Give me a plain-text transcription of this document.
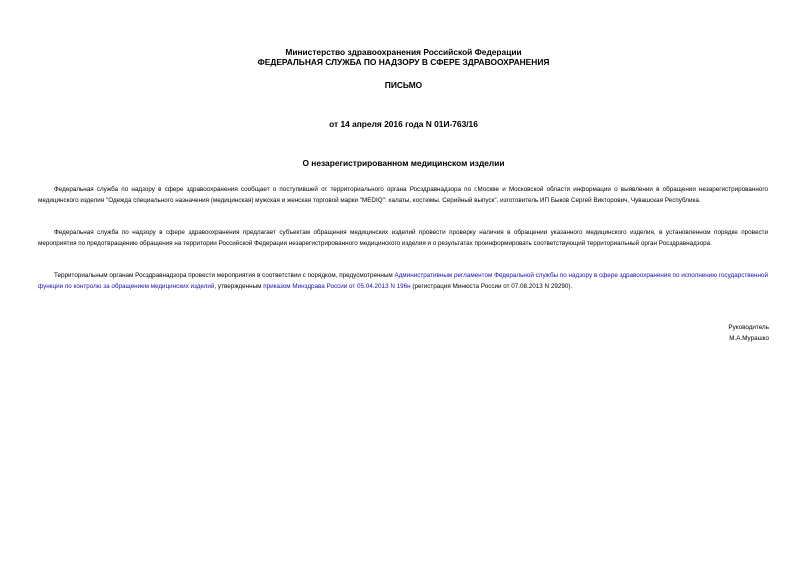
Министерство здравоохранения Российской Федерации
ФЕДЕРАЛЬНАЯ СЛУЖБА ПО НАДЗОРУ В СФЕРЕ ЗДРАВООХРАНЕНИЯ
ПИСЬМО
от 14 апреля 2016 года N 01И-763/16
О незарегистрированном медицинском изделии

Федеральная служба по надзору в сфере здравоохранения сообщает о поступившей от территориального органа Росздравнадзора по г.Москве и Московской области информации о выявлении в обращении незарегистрированного медицинского изделия "Одежда специального назначения (медицинская) мужская и женская торговой марки "MEDIQ": халаты, костюмы. Серийный выпуск", изготовитель ИП Быков Сергей Викторович, Чувашская Республика.

Федеральная служба по надзору в сфере здравоохранения предлагает субъектам обращения медицинских изделий провести проверку наличия в обращении указанного медицинского изделия, в установленном порядке провести мероприятия по предотвращению обращения на территории Российской Федерации незарегистрированного медицинского изделия и о результатах проинформировать соответствующий территориальный орган Росздравнадзора.

Территориальным органам Росздравнадзора провести мероприятия в соответствии с порядком, предусмотренным Административным регламентом Федеральной службы по надзору в сфере здравоохранения по исполнению государственной функции по контролю за обращением медицинских изделий, утвержденным приказом Минздрава России от 05.04.2013 N 196н (регистрация Минюста России от 07.08.2013 N 29290).

Руководитель
М.А.Мурашко
